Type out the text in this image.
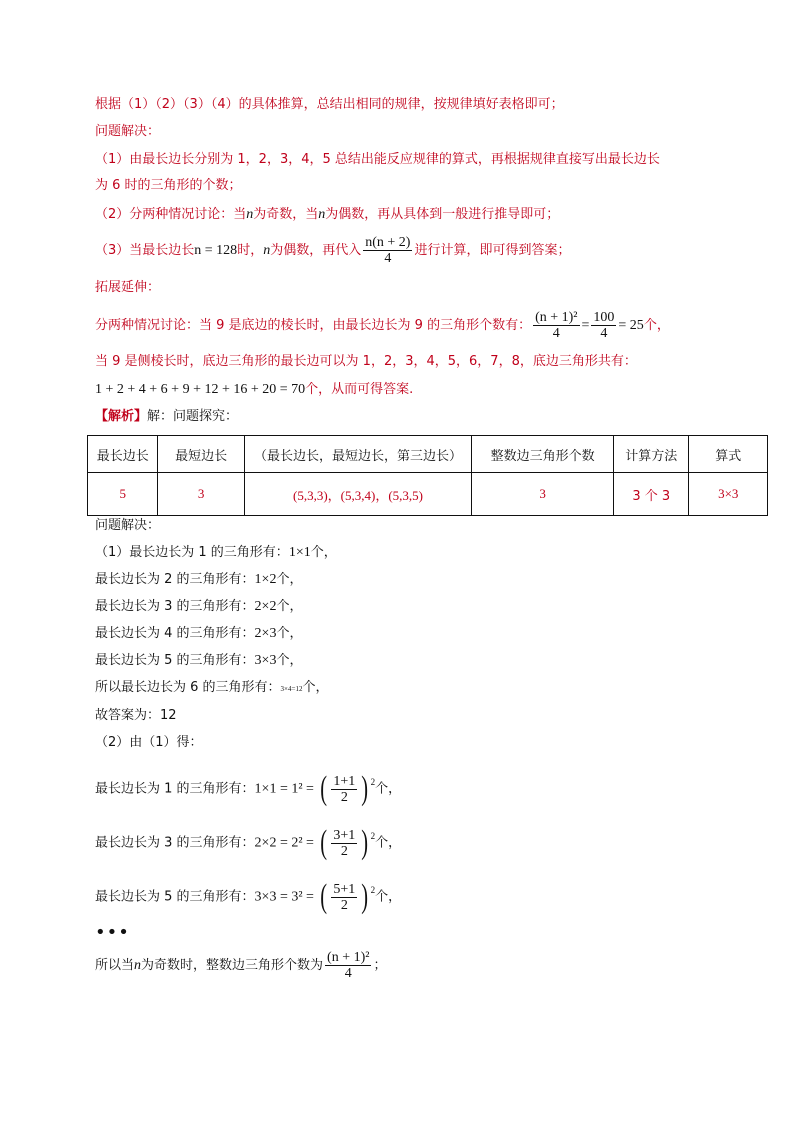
根据（1）（2）（3）（4）的具体推算，总结出相同的规律，按规律填好表格即可；
问题解决：
（1）由最长边长分别为 1，2，3，4，5 总结出能反应规律的算式，再根据规律直接写出最长边长
为 6 时的三角形的个数；
（2）分两种情况讨论：当n为奇数，当n为偶数，再从具体到一般进行推导即可；
（3）当最长边长n = 128时，n为偶数，再代入 $\frac{n(n + 2)}{4}$ 进行计算，即可得到答案；
拓展延伸：
分两种情况讨论：当 9 是底边的棱长时，由最长边长为 9 的三角形个数有： $\frac{\text{(n + 1)²}}{4} = \frac{100}{4} = 25$个，
当 9 是侧棱长时，底边三角形的最长边可以为 1，2，3，4，5，6，7，8，底边三角形共有：
1 + 2 + 4 + 6 + 9 + 12 + 16 + 20 = 70个，从而可得答案.
【解析】解：问题探究：
问题解决：
（1）最长边长为 1 的三角形有：1×1个，
最长边长为 2 的三角形有：1×2个，
最长边长为 3 的三角形有：2×2个，
最长边长为 4 的三角形有：2×3个，
最长边长为 5 的三角形有：3×3个，
所以最长边长为 6 的三角形有：3×4=12个，
故答案为：12
（2）由（1）得：
最长边长为 1 的三角形有：1×1 = 1² = ( $\frac{1+1}{2}$ ) $^2$ 个，
最长边长为 3 的三角形有：2×2 = 2² = ( $\frac{3+1}{2}$ ) $^2$ 个，
最长边长为 5 的三角形有：3×3 = 3² = ( $\frac{5+1}{2}$ ) $^2$ 个，
所以当n为奇数时，整数边三角形个数为 $\frac{\text{(n + 1)²}}{4}$ ；
最长边长	最短边长	（最长边长，最短边长，第三边长）	整数边三角形个数	计算方法	算式
5	3	(5,3,3)，(5,3,4)，(5,3,5)	3	3 个 3	3×3
•••
